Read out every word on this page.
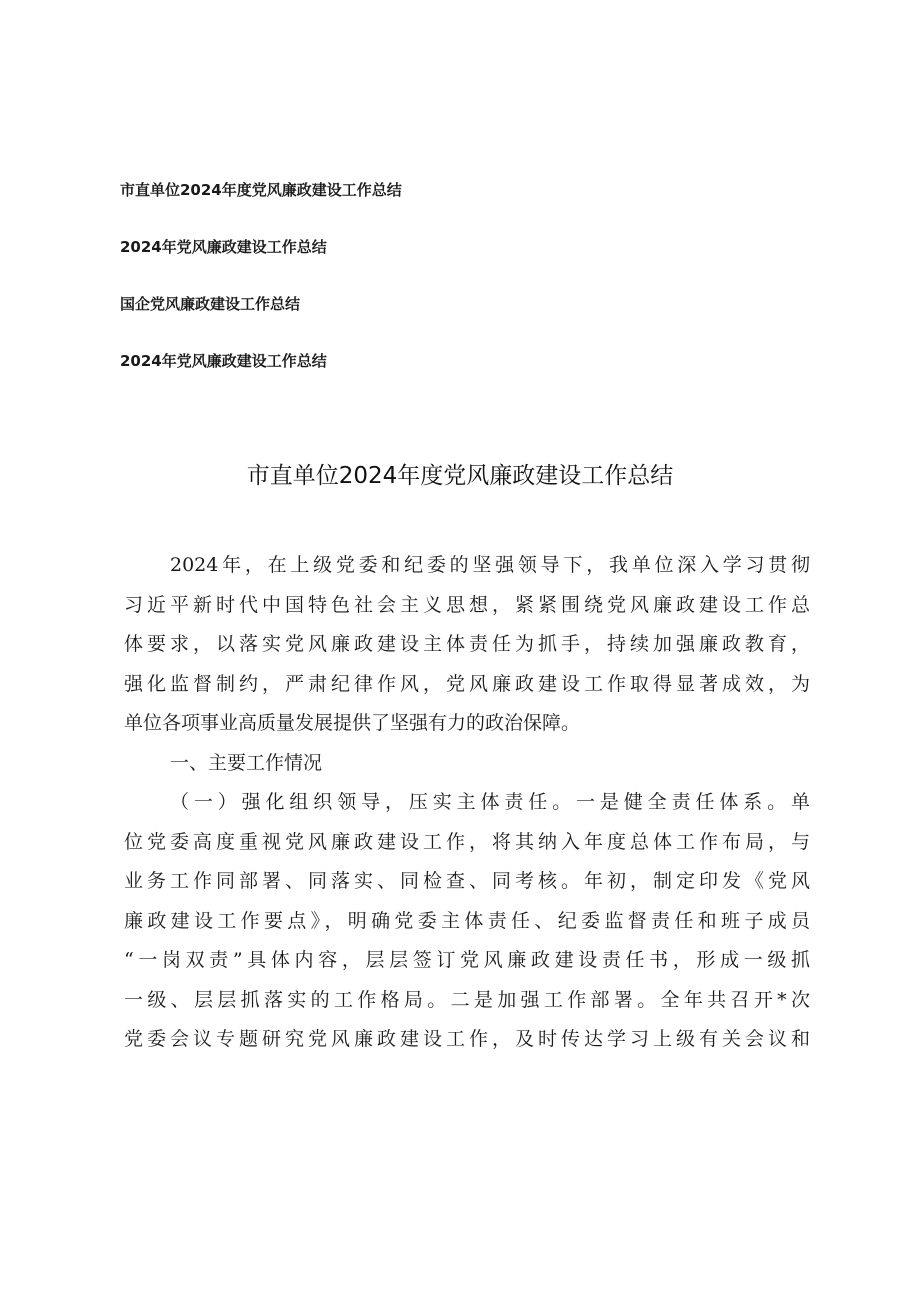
市直单位2024年度党风廉政建设工作总结
2024年党风廉政建设工作总结
国企党风廉政建设工作总结
2024年党风廉政建设工作总结
市直单位2024年度党风廉政建设工作总结
2024年，在上级党委和纪委的坚强领导下，我单位深入学习贯彻
习近平新时代中国特色社会主义思想，紧紧围绕党风廉政建设工作总
体要求，以落实党风廉政建设主体责任为抓手，持续加强廉政教育，
强化监督制约，严肃纪律作风，党风廉政建设工作取得显著成效，为
单位各项事业高质量发展提供了坚强有力的政治保障。
一、主要工作情况
（一）强化组织领导，压实主体责任。一是健全责任体系。单
位党委高度重视党风廉政建设工作，将其纳入年度总体工作布局，与
业务工作同部署、同落实、同检查、同考核。年初，制定印发《党风
廉政建设工作要点》，明确党委主体责任、纪委监督责任和班子成员
“一岗双责”具体内容，层层签订党风廉政建设责任书，形成一级抓
一级、层层抓落实的工作格局。二是加强工作部署。全年共召开*次
党委会议专题研究党风廉政建设工作，及时传达学习上级有关会议和
